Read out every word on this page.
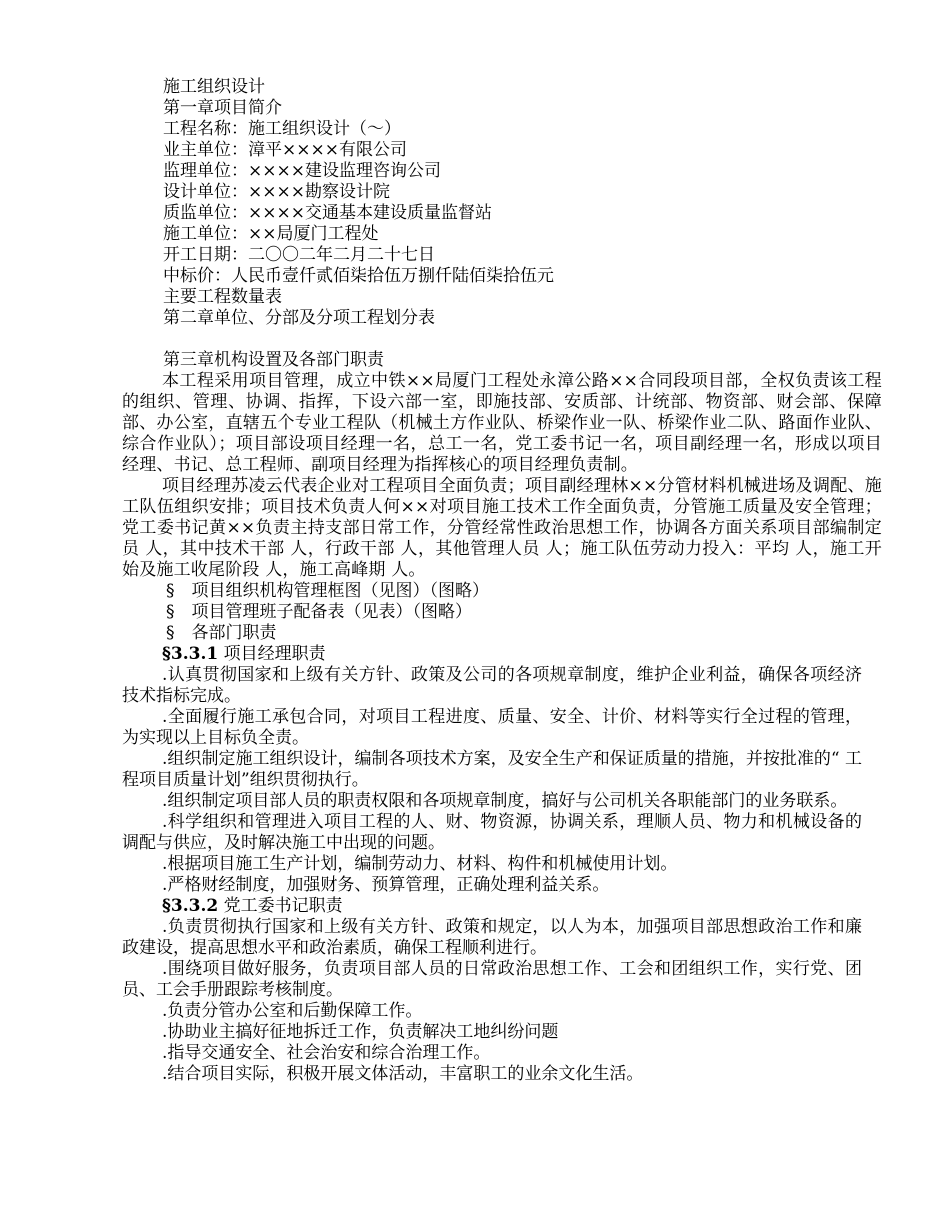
施工组织设计
第一章项目简介
工程名称：施工组织设计（～）
业主单位：漳平××××有限公司
监理单位：××××建设监理咨询公司
设计单位：××××勘察设计院
质监单位：××××交通基本建设质量监督站
施工单位：××局厦门工程处
开工日期：二〇〇二年二月二十七日
中标价：人民币壹仟贰佰柒拾伍万捌仟陆佰柒拾伍元
主要工程数量表
第二章单位、分部及分项工程划分表
第三章机构设置及各部门职责
本工程采用项目管理，成立中铁××局厦门工程处永漳公路××合同段项目部，全权负责该工程的组织、管理、协调、指挥，下设六部一室，即施技部、安质部、计统部、物资部、财会部、保障部、办公室，直辖五个专业工程队（机械土方作业队、桥梁作业一队、桥梁作业二队、路面作业队、综合作业队）；项目部设项目经理一名，总工一名，党工委书记一名，项目副经理一名，形成以项目经理、书记、总工程师、副项目经理为指挥核心的项目经理负责制。
项目经理苏凌云代表企业对工程项目全面负责；项目副经理林××分管材料机械进场及调配、施工队伍组织安排；项目技术负责人何××对项目施工技术工作全面负责，分管施工质量及安全管理；党工委书记黄××负责主持支部日常工作，分管经常性政治思想工作，协调各方面关系项目部编制定员 人，其中技术干部 人，行政干部 人，其他管理人员 人；施工队伍劳动力投入：平均 人，施工开始及施工收尾阶段 人，施工高峰期 人。
§　项目组织机构管理框图（见图）（图略）
§　项目管理班子配备表（见表）（图略）
§　各部门职责
§3.3.1 项目经理职责
.认真贯彻国家和上级有关方针、政策及公司的各项规章制度，维护企业利益，确保各项经济技术指标完成。
.全面履行施工承包合同，对项目工程进度、质量、安全、计价、材料等实行全过程的管理，为实现以上目标负全责。
.组织制定施工组织设计，编制各项技术方案，及安全生产和保证质量的措施，并按批准的“ 工程项目质量计划”组织贯彻执行。
.组织制定项目部人员的职责权限和各项规章制度，搞好与公司机关各职能部门的业务联系。
.科学组织和管理进入项目工程的人、财、物资源，协调关系，理顺人员、物力和机械设备的调配与供应，及时解决施工中出现的问题。
.根据项目施工生产计划，编制劳动力、材料、构件和机械使用计划。
.严格财经制度，加强财务、预算管理，正确处理利益关系。
§3.3.2 党工委书记职责
.负责贯彻执行国家和上级有关方针、政策和规定，以人为本，加强项目部思想政治工作和廉政建设，提高思想水平和政治素质，确保工程顺利进行。
.围绕项目做好服务，负责项目部人员的日常政治思想工作、工会和团组织工作，实行党、团员、工会手册跟踪考核制度。
.负责分管办公室和后勤保障工作。
.协助业主搞好征地拆迁工作，负责解决工地纠纷问题
.指导交通安全、社会治安和综合治理工作。
.结合项目实际，积极开展文体活动，丰富职工的业余文化生活。
